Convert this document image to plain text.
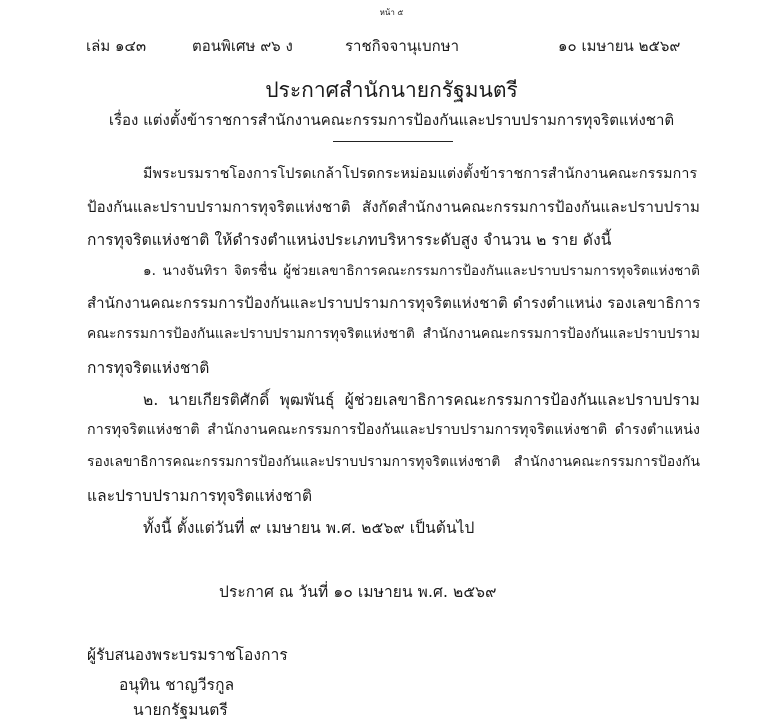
หน้า ๕
เล่ม ๑๔๓	ตอนพิเศษ ๙๖ ง	ราชกิจจานุเบกษา	๑๐ เมษายน ๒๕๖๙
ประกาศสำนักนายกรัฐมนตรี
เรื่อง แต่งตั้งข้าราชการสำนักงานคณะกรรมการป้องกันและปราบปรามการทุจริตแห่งชาติ
มีพระบรมราชโองการโปรดเกล้าโปรดกระหม่อมแต่งตั้งข้าราชการสำนักงานคณะกรรมการ
ป้องกันและปราบปรามการทุจริตแห่งชาติ สังกัดสำนักงานคณะกรรมการป้องกันและปราบปราม
การทุจริตแห่งชาติ ให้ดำรงตำแหน่งประเภทบริหารระดับสูง จำนวน ๒ ราย ดังนี้
๑. นางจันทิรา จิตรชื่น ผู้ช่วยเลขาธิการคณะกรรมการป้องกันและปราบปรามการทุจริตแห่งชาติ
สำนักงานคณะกรรมการป้องกันและปราบปรามการทุจริตแห่งชาติ ดำรงตำแหน่ง รองเลขาธิการ
คณะกรรมการป้องกันและปราบปรามการทุจริตแห่งชาติ สำนักงานคณะกรรมการป้องกันและปราบปราม
การทุจริตแห่งชาติ
๒. นายเกียรติศักดิ์ พุฒพันธุ์ ผู้ช่วยเลขาธิการคณะกรรมการป้องกันและปราบปราม
การทุจริตแห่งชาติ สำนักงานคณะกรรมการป้องกันและปราบปรามการทุจริตแห่งชาติ ดำรงตำแหน่ง
รองเลขาธิการคณะกรรมการป้องกันและปราบปรามการทุจริตแห่งชาติ สำนักงานคณะกรรมการป้องกัน
และปราบปรามการทุจริตแห่งชาติ
ทั้งนี้ ตั้งแต่วันที่ ๙ เมษายน พ.ศ. ๒๕๖๙ เป็นต้นไป
ประกาศ ณ วันที่ ๑๐ เมษายน พ.ศ. ๒๕๖๙
ผู้รับสนองพระบรมราชโองการ
อนุทิน ชาญวีรกูล
นายกรัฐมนตรี
